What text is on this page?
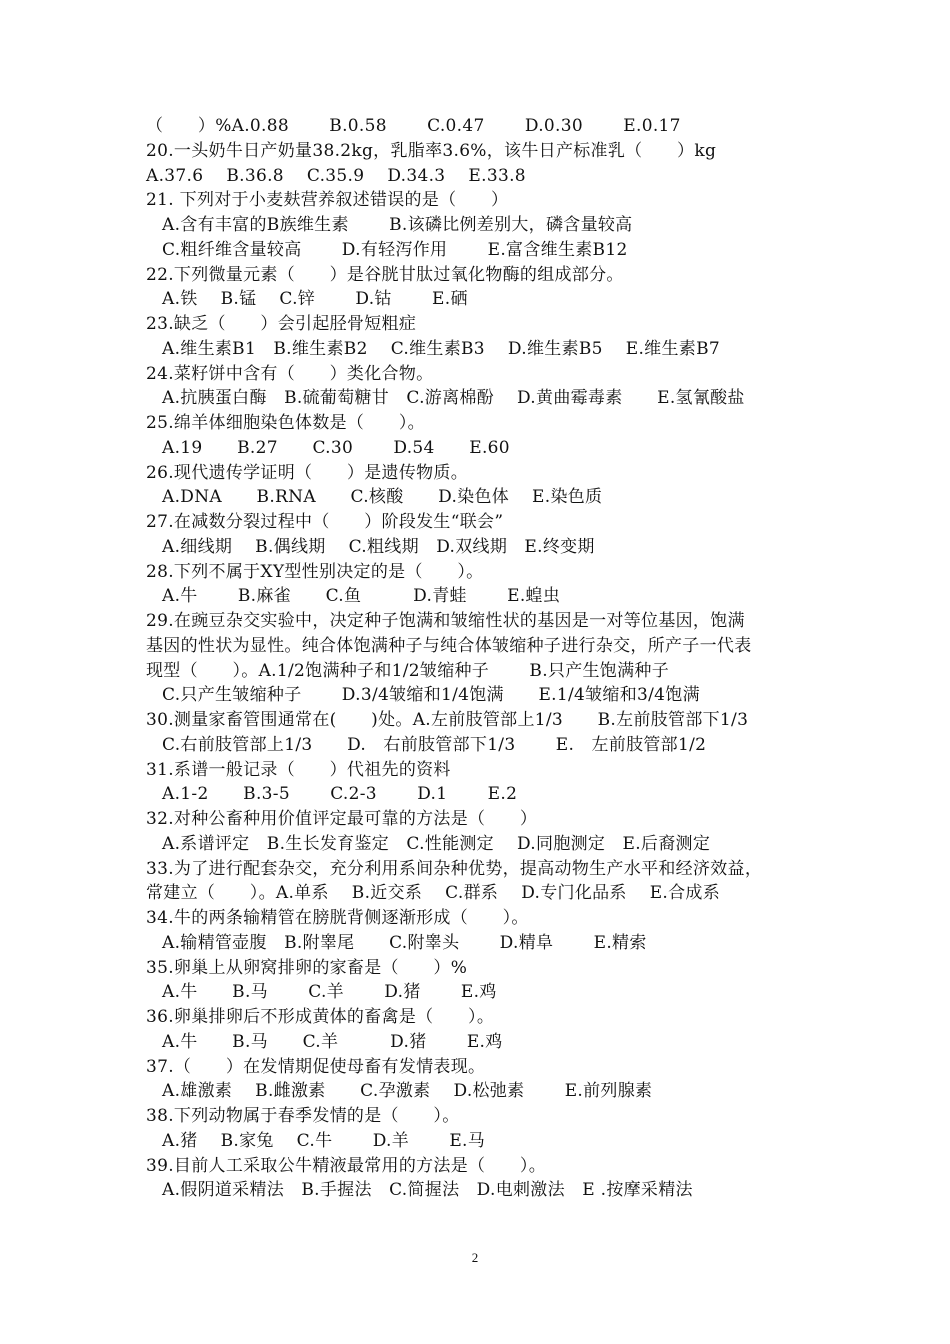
（　　）%A.0.88　　 B.0.58　　 C.0.47　　 D.0.30　　 E.0.17
20.一头奶牛日产奶量38.2kg，乳脂率3.6%，该牛日产标准乳（　　）kg
A.37.6　 B.36.8　 C.35.9　 D.34.3　 E.33.8
21. 下列对于小麦麸营养叙述错误的是（　　）
A.含有丰富的B族维生素　　 B.该磷比例差别大，磷含量较高
C.粗纤维含量较高　　 D.有轻泻作用　　 E.富含维生素B12
22.下列微量元素（　　）是谷胱甘肽过氧化物酶的组成部分。
A.铁　 B.锰　 C.锌　　 D.钴　　 E.硒
23.缺乏（　　）会引起胫骨短粗症
A.维生素B1　B.维生素B2　 C.维生素B3　 D.维生素B5　 E.维生素B7
24.菜籽饼中含有（　　）类化合物。
A.抗胰蛋白酶　B.硫葡萄糖甘　C.游离棉酚　 D.黄曲霉毒素　　E.氢氰酸盐
25.绵羊体细胞染色体数是（　　）。
A.19　　B.27　　C.30　　 D.54　　E.60
26.现代遗传学证明（　　）是遗传物质。
A.DNA　　B.RNA　　C.核酸　　D.染色体　 E.染色质
27.在减数分裂过程中（　　）阶段发生“联会”
A.细线期　 B.偶线期　 C.粗线期　D.双线期　E.终变期
28.下列不属于XY型性别决定的是（　　）。
A.牛　　 B.麻雀　　C.鱼　　　D.青蛙　　 E.蝗虫
29.在豌豆杂交实验中，决定种子饱满和皱缩性状的基因是一对等位基因，饱满
基因的性状为显性。纯合体饱满种子与纯合体皱缩种子进行杂交，所产子一代表
现型（　　）。A.1/2饱满种子和1/2皱缩种子　　 B.只产生饱满种子
C.只产生皱缩种子　　 D.3/4皱缩和1/4饱满　　E.1/4皱缩和3/4饱满
30.测量家畜管围通常在(　　)处。A.左前肢管部上1/3　　B.左前肢管部下1/3
C.右前肢管部上1/3　　D.　右前肢管部下1/3　　 E.　左前肢管部1/2
31.系谱一般记录（　　）代祖先的资料
A.1-2　　B.3-5　　 C.2-3　　 D.1　　 E.2
32.对种公畜种用价值评定最可靠的方法是（　　）
A.系谱评定　B.生长发育鉴定　C.性能测定　 D.同胞测定　E.后裔测定
33.为了进行配套杂交，充分利用系间杂种优势，提高动物生产水平和经济效益，
常建立（　　）。A.单系　 B.近交系　 C.群系　 D.专门化品系　 E.合成系
34.牛的两条输精管在膀胱背侧逐渐形成（　　）。
A.输精管壶腹　B.附睾尾　　C.附睾头　　 D.精阜　　 E.精索
35.卵巢上从卵窝排卵的家畜是（　　）%
A.牛　　B.马　　 C.羊　　 D.猪　　 E.鸡
36.卵巢排卵后不形成黄体的畜禽是（　　）。
A.牛　　B.马　　C.羊　　　D.猪　　 E.鸡
37.（　　）在发情期促使母畜有发情表现。
A.雄激素　 B.雌激素　　C.孕激素　 D.松弛素　　 E.前列腺素
38.下列动物属于春季发情的是（　　）。
A.猪　 B.家兔　 C.牛　　 D.羊　　 E.马
39.目前人工采取公牛精液最常用的方法是（　　）。
A.假阴道采精法　B.手握法　C.简握法　D.电刺激法　E .按摩采精法
2
